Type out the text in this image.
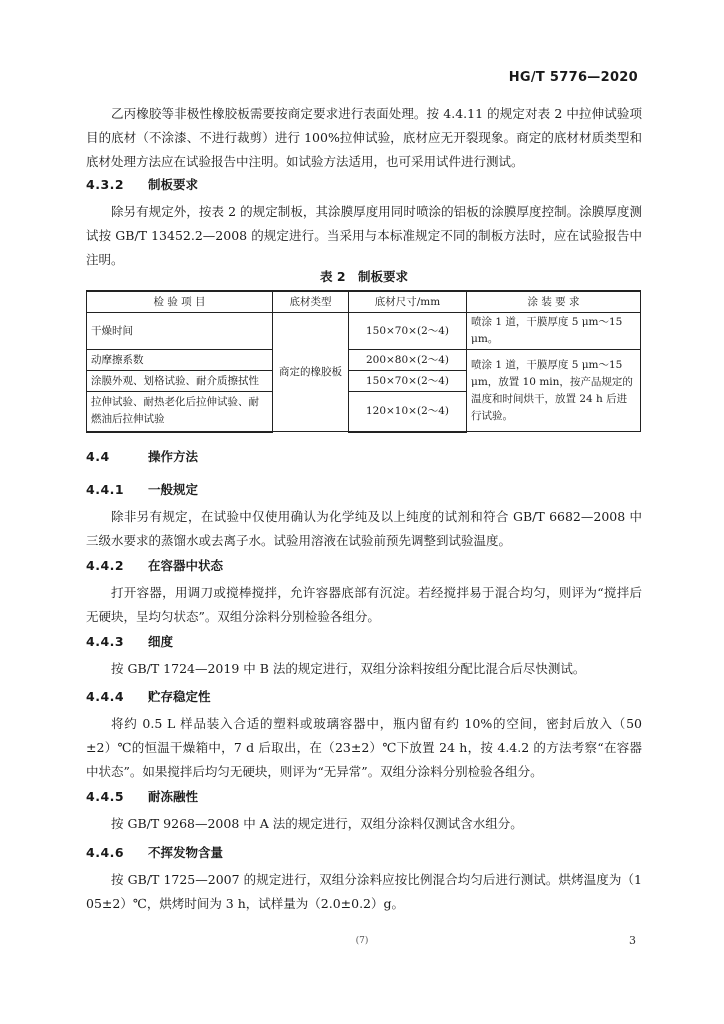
HG/T 5776—2020

乙丙橡胶等非极性橡胶板需要按商定要求进行表面处理。按 4.4.11 的规定对表 2 中拉伸试验项目的底材（不涂漆、不进行裁剪）进行 100%拉伸试验，底材应无开裂现象。商定的底材材质类型和底材处理方法应在试验报告中注明。如试验方法适用，也可采用试件进行测试。

4.3.2 制板要求

除另有规定外，按表 2 的规定制板，其涂膜厚度用同时喷涂的铝板的涂膜厚度控制。涂膜厚度测试按 GB/T 13452.2—2008 的规定进行。当采用与本标准规定不同的制板方法时，应在试验报告中注明。

表 2　制板要求
检 验 项 目	底材类型	底材尺寸/mm	涂 装 要 求
干燥时间	商定的橡胶板	150×70×(2～4)	喷涂 1 道，干膜厚度 5 μm～15 μm。
动摩擦系数		200×80×(2～4)	喷涂 1 道，干膜厚度 5 μm～15 μm，放置 10 min，按产品规定的温度和时间烘干，放置 24 h 后进行试验。
涂膜外观、划格试验、耐介质擦拭性		150×70×(2～4)	
拉伸试验、耐热老化后拉伸试验、耐燃油后拉伸试验		120×10×(2～4)	
4.4	操作方法
4.4.1 一般规定

除非另有规定，在试验中仅使用确认为化学纯及以上纯度的试剂和符合 GB/T 6682—2008 中三级水要求的蒸馏水或去离子水。试验用溶液在试验前预先调整到试验温度。

4.4.2 在容器中状态

打开容器，用调刀或搅棒搅拌，允许容器底部有沉淀。若经搅拌易于混合均匀，则评为“搅拌后无硬块，呈均匀状态”。双组分涂料分别检验各组分。

4.4.3 细度

按 GB/T 1724—2019 中 B 法的规定进行，双组分涂料按组分配比混合后尽快测试。

4.4.4 贮存稳定性

将约 0.5 L 样品装入合适的塑料或玻璃容器中，瓶内留有约 10%的空间，密封后放入（50±2）℃的恒温干燥箱中，7 d 后取出，在（23±2）℃下放置 24 h，按 4.4.2 的方法考察“在容器中状态”。如果搅拌后均匀无硬块，则评为“无异常”。双组分涂料分别检验各组分。

4.4.5 耐冻融性

按 GB/T 9268—2008 中 A 法的规定进行，双组分涂料仅测试含水组分。

4.4.6 不挥发物含量

按 GB/T 1725—2007 的规定进行，双组分涂料应按比例混合均匀后进行测试。烘烤温度为（105±2）℃，烘烤时间为 3 h，试样量为（2.0±0.2）g。

(7)	3
